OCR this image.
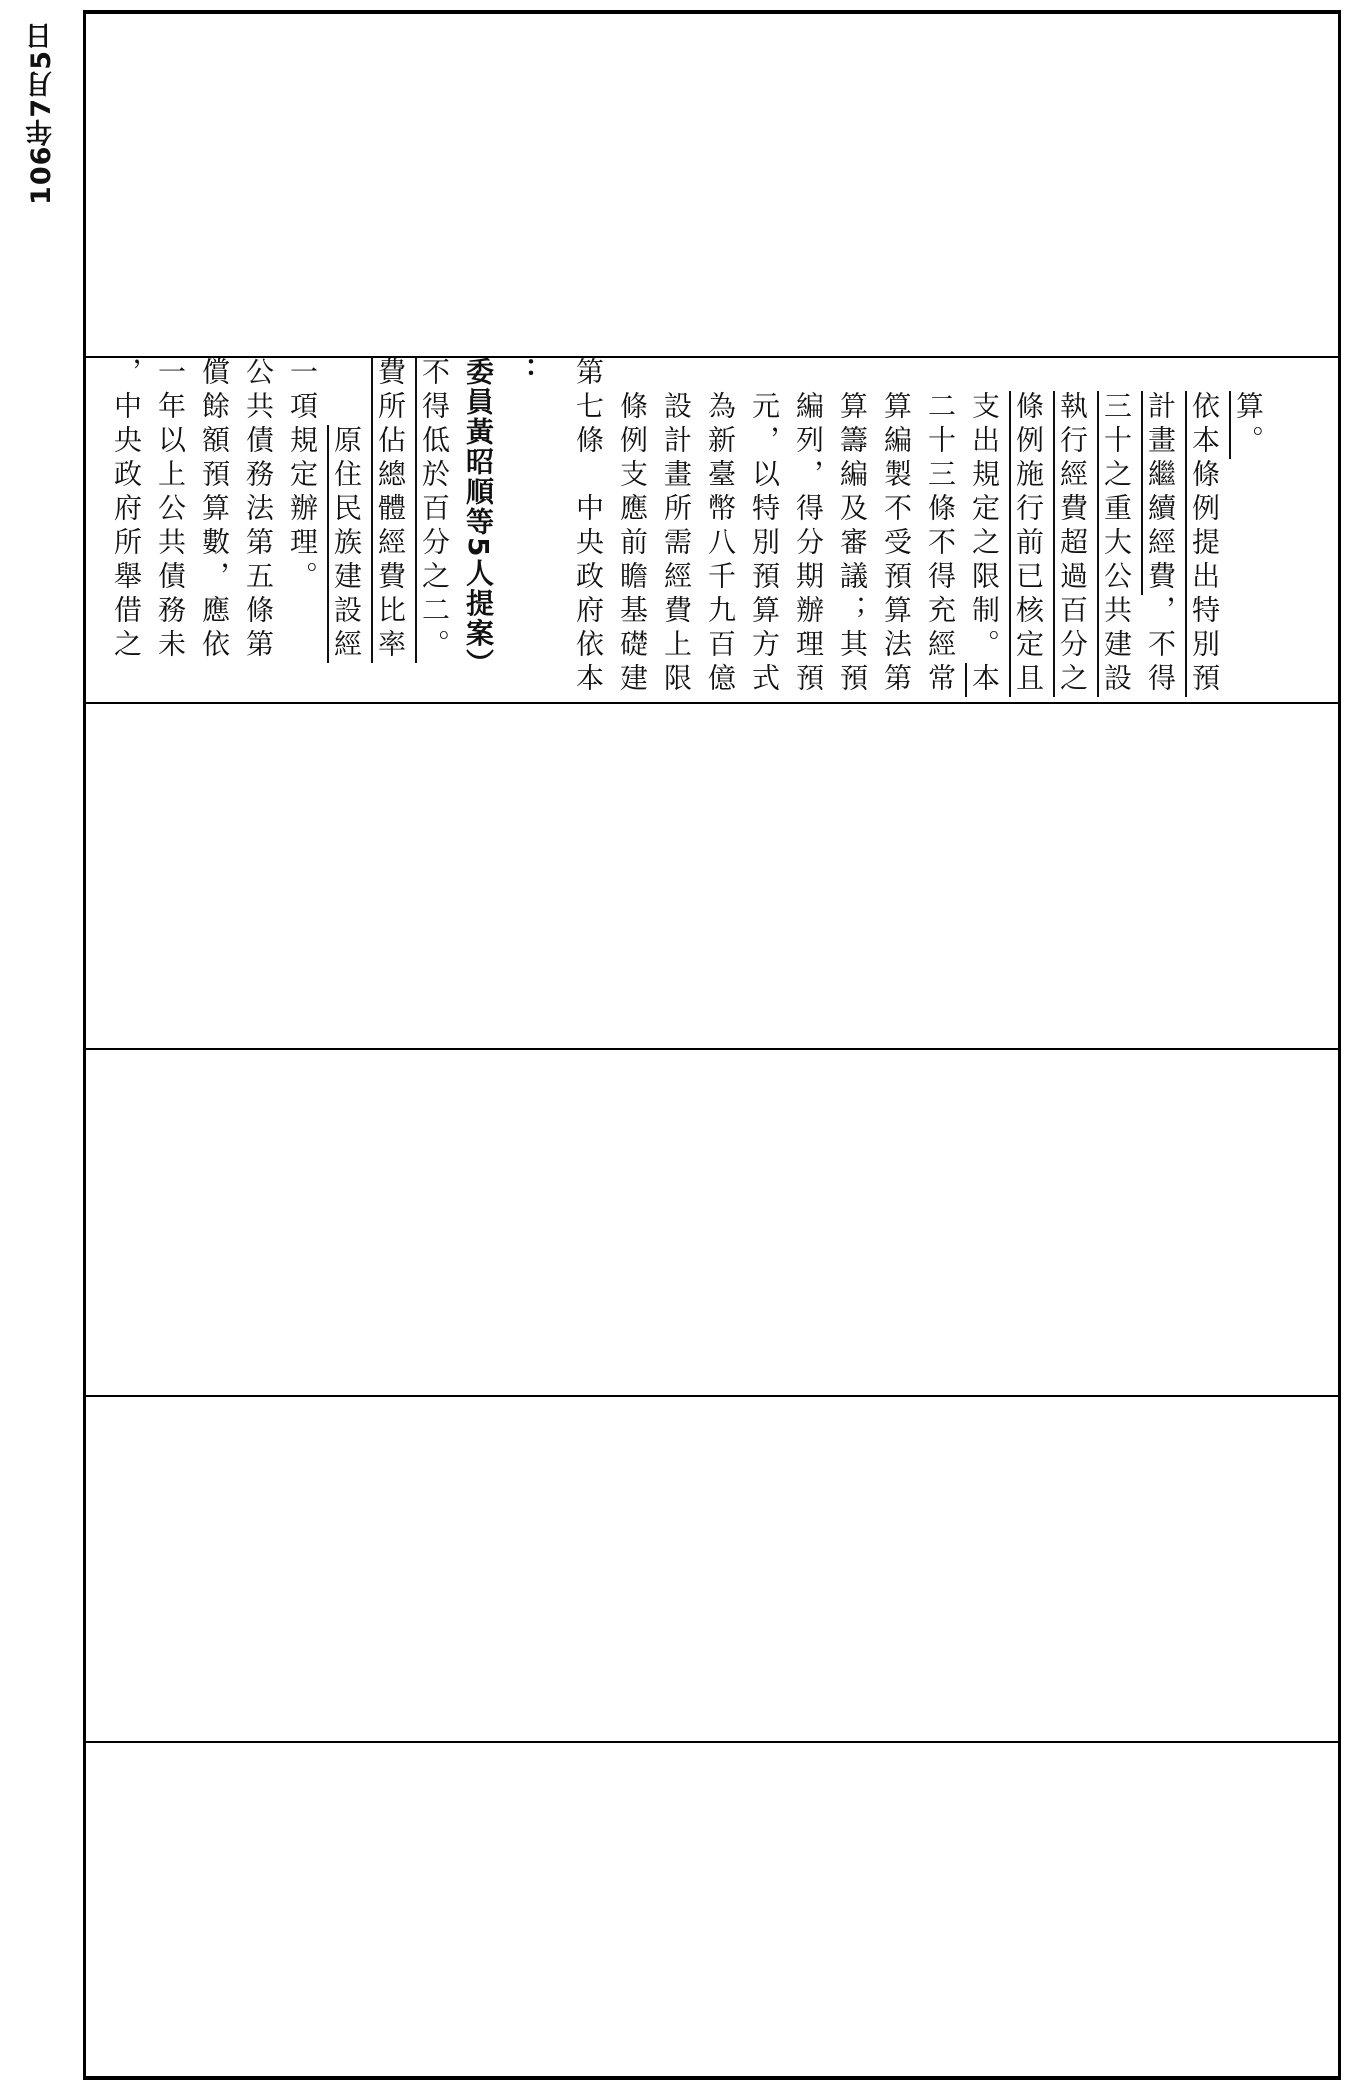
106年7月5日
，中央政府所舉借之 一年以上公共債務未 償餘額預算數，應依 公共債務法第五條第 一項規定辦理。 原住民族建設經 費所佔總體經費比率 不得低於百分之二。 委員黃昭順等5人提案） ： 第七條　中央政府依本 條例支應前瞻基礎建 設計畫所需經費上限 為新臺幣八千九百億 元，以特別預算方式 編列，得分期辦理預 算籌編及審議；其預 算編製不受預算法第 二十三條不得充經常 支出規定之限制。本 條例施行前已核定且 執行經費超過百分之 三十之重大公共建設 計畫繼續經費，不得 依本條例提出特別預 算。
